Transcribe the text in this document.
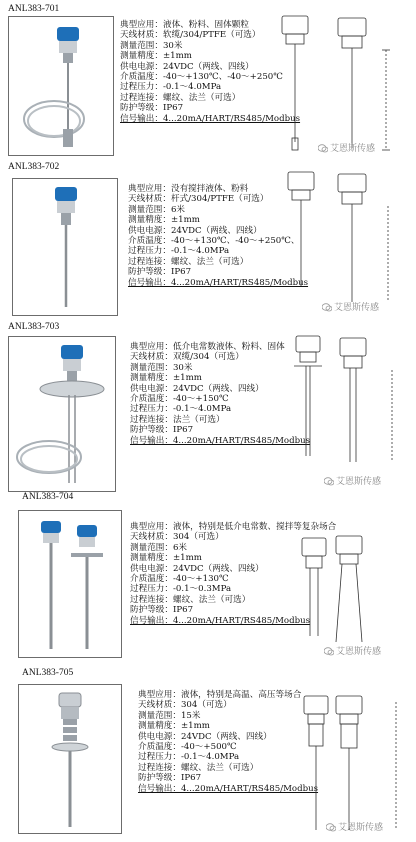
ANL383-701
典型应用：液体、粉料、固体颗粒
天线材质：软缆/304/PTFE（可选）
测量范围：30米
测量精度：±1mm
供电电源：24VDC（两线、四线）
介质温度：-40～+130℃、-40～+250℃
过程压力：-0.1～4.0MPa
过程连接：螺纹、法兰（可选）
防护等级：IP67
信号输出：4...20mA/HART/RS485/Modbus
艾恩斯传感
ANL383-702
典型应用：没有搅拌液体、粉料
天线材质：杆式/304/PTFE（可选）
测量范围：6米
测量精度：±1mm
供电电源：24VDC（两线、四线）
介质温度：-40～+130℃、-40～+250℃、
过程压力：-0.1～4.0MPa
过程连接：螺纹、法兰（可选）
防护等级：IP67
信号输出：4...20mA/HART/RS485/Modbus
艾恩斯传感
ANL383-703
典型应用：低介电常数液体、粉料、固体
天线材质：双缆/304（可选）
测量范围：30米
测量精度：±1mm
供电电源：24VDC（两线、四线）
介质温度：-40～+150℃
过程压力：-0.1～4.0MPa
过程连接：法兰（可选）
防护等级：IP67
信号输出：4...20mA/HART/RS485/Modbus
艾恩斯传感
ANL383-704
典型应用：液体，特别是低介电常数、搅拌等复杂场合
天线材质：304（可选）
测量范围：6米
测量精度：±1mm
供电电源：24VDC（两线、四线）
介质温度：-40～+130℃
过程压力：-0.1～0.3MPa
过程连接：螺纹、法兰（可选）
防护等级：IP67
信号输出：4...20mA/HART/RS485/Modbus
艾恩斯传感
ANL383-705
典型应用：液体，特别是高温、高压等场合
天线材质：304（可选）
测量范围：15米
测量精度：±1mm
供电电源：24VDC（两线、四线）
介质温度：-40～+500℃
过程压力：-0.1～4.0MPa
过程连接：螺纹、法兰（可选）
防护等级：IP67
信号输出：4...20mA/HART/RS485/Modbus
艾恩斯传感
